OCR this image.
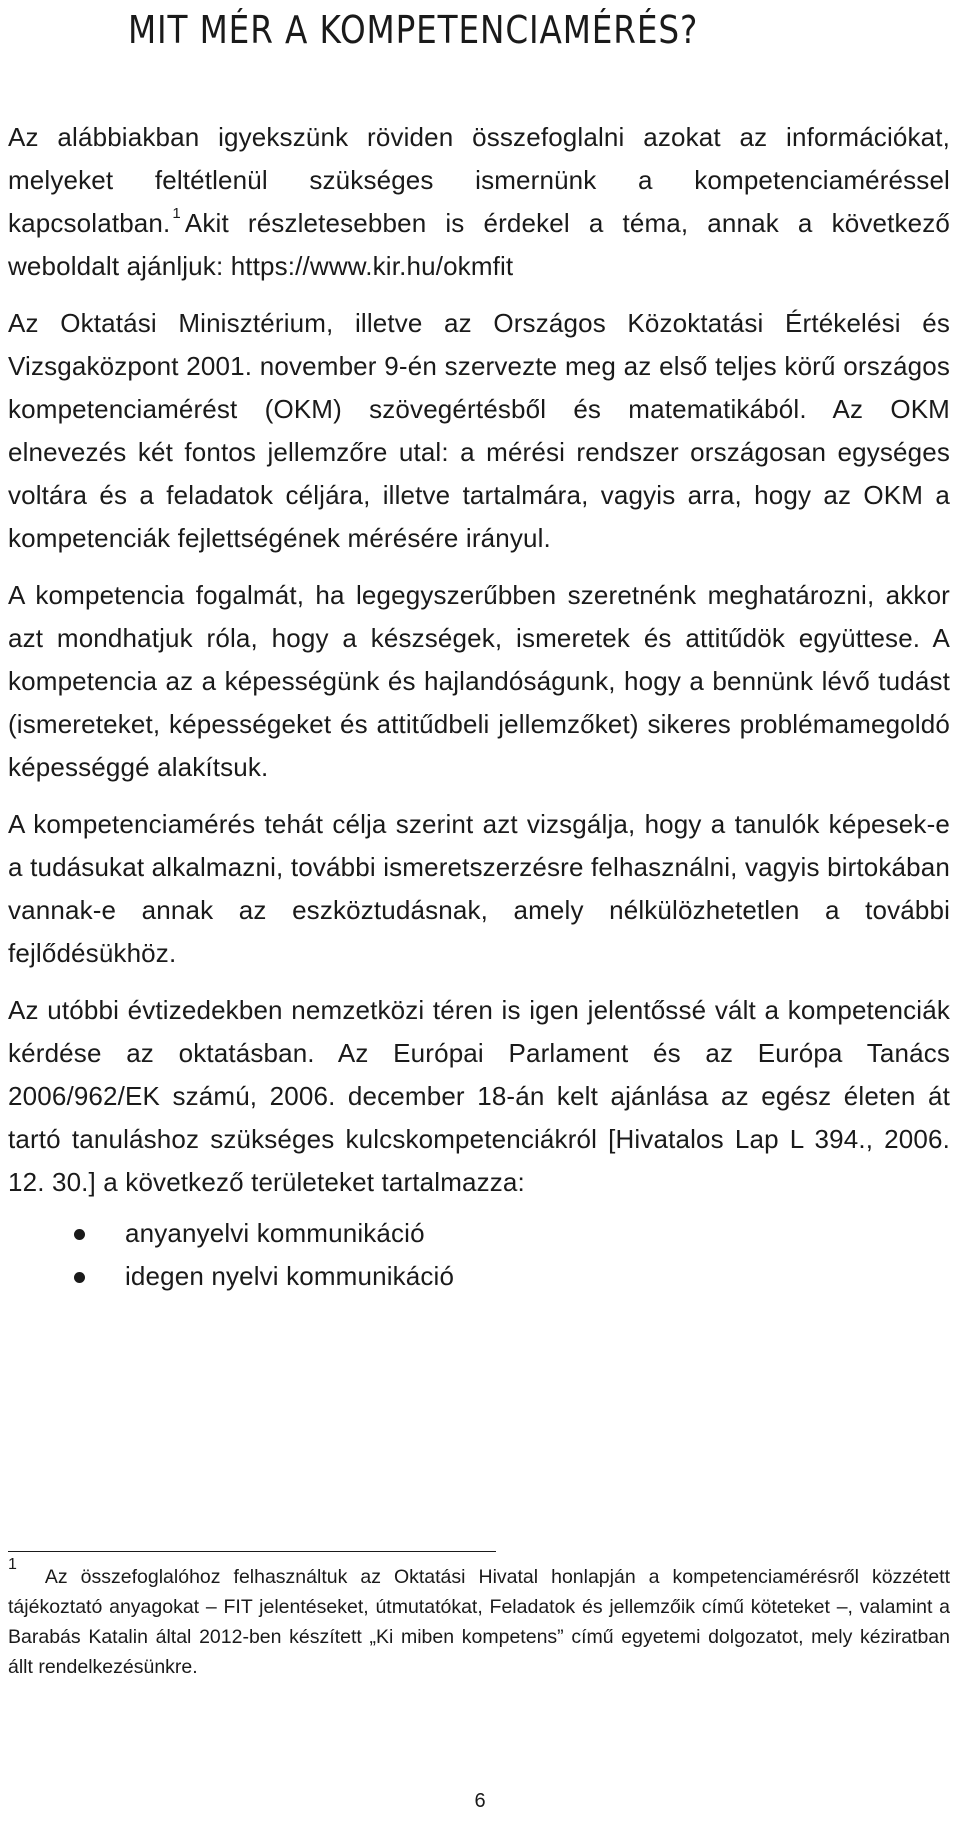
MIT MÉR A KOMPETENCIAMÉRÉS?

Az alábbiakban igyekszünk röviden összefoglalni azokat az információkat, melyeket feltétlenül szükséges ismernünk a kompetenciaméréssel kapcsolatban. $^1$ Akit részletesebben is érdekel a téma, annak a következő weboldalt ajánljuk: https://www.kir.hu/okmfit

Az Oktatási Minisztérium, illetve az Országos Közoktatási Értékelési és Vizsgaközpont 2001. november 9-én szervezte meg az első teljes körű országos kompetenciamérést (OKM) szövegértésből és matematikából. Az OKM elnevezés két fontos jellemzőre utal: a mérési rendszer országosan egységes voltára és a feladatok céljára, illetve tartalmára, vagyis arra, hogy az OKM a kompetenciák fejlettségének mérésére irányul.

A kompetencia fogalmát, ha legegyszerűbben szeretnénk meghatározni, akkor azt mondhatjuk róla, hogy a készségek, ismeretek és attitűdök együttese. A kompetencia az a képességünk és hajlandóságunk, hogy a bennünk lévő tudást (ismereteket, képességeket és attitűdbeli jellemzőket) sikeres problémamegoldó képességgé alakítsuk.

A kompetenciamérés tehát célja szerint azt vizsgálja, hogy a tanulók képesek-e a tudásukat alkalmazni, további ismeretszerzésre felhasználni, vagyis birtokában vannak-e annak az eszköztudásnak, amely nélkülözhetetlen a további fejlődésükhöz.

Az utóbbi évtizedekben nemzetközi téren is igen jelentőssé vált a kompetenciák kérdése az oktatásban. Az Európai Parlament és az Európa Tanács 2006/962/EK számú, 2006. december 18-án kelt ajánlása az egész életen át tartó tanuláshoz szükséges kulcskompetenciákról [Hivatalos Lap L 394., 2006. 12. 30.] a következő területeket tartalmazza:

anyanyelvi kommunikáció
idegen nyelvi kommunikáció
$^1$Az összefoglalóhoz felhasználtuk az Oktatási Hivatal honlapján a kompetenciamérésről közzétett tájékoztató anyagokat – FIT jelentéseket, útmutatókat, Feladatok és jellemzőik című köteteket –, valamint a Barabás Katalin által 2012-ben készített „Ki miben kompetens” című egyetemi dolgozatot, mely kéziratban állt rendelkezésünkre.
6
